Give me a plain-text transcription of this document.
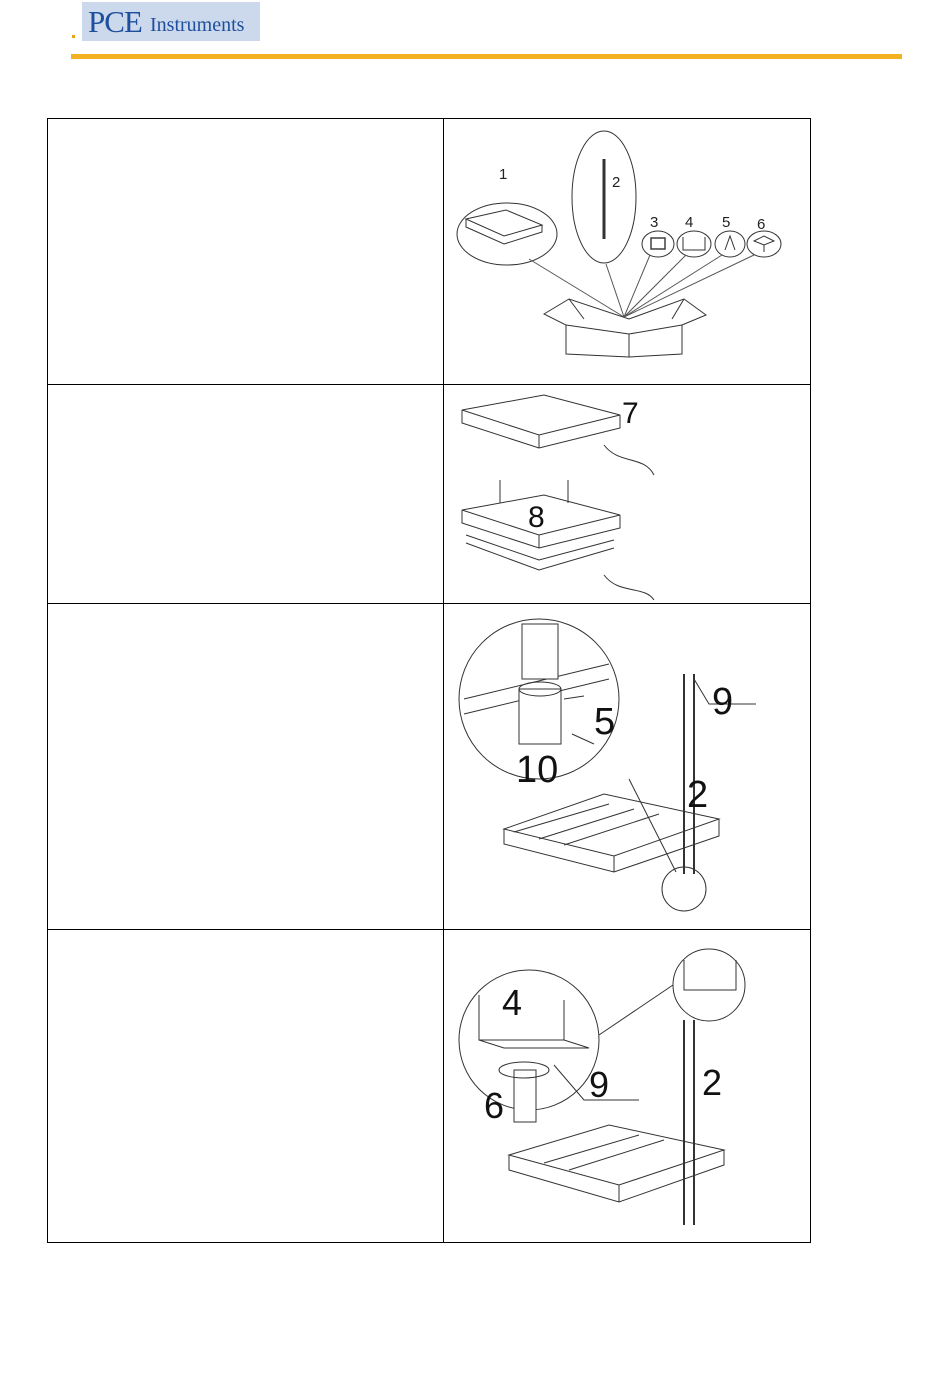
PCE Instruments
1	2
3 4 5 6
7
8
9
5
10
2
4
9
6
2
